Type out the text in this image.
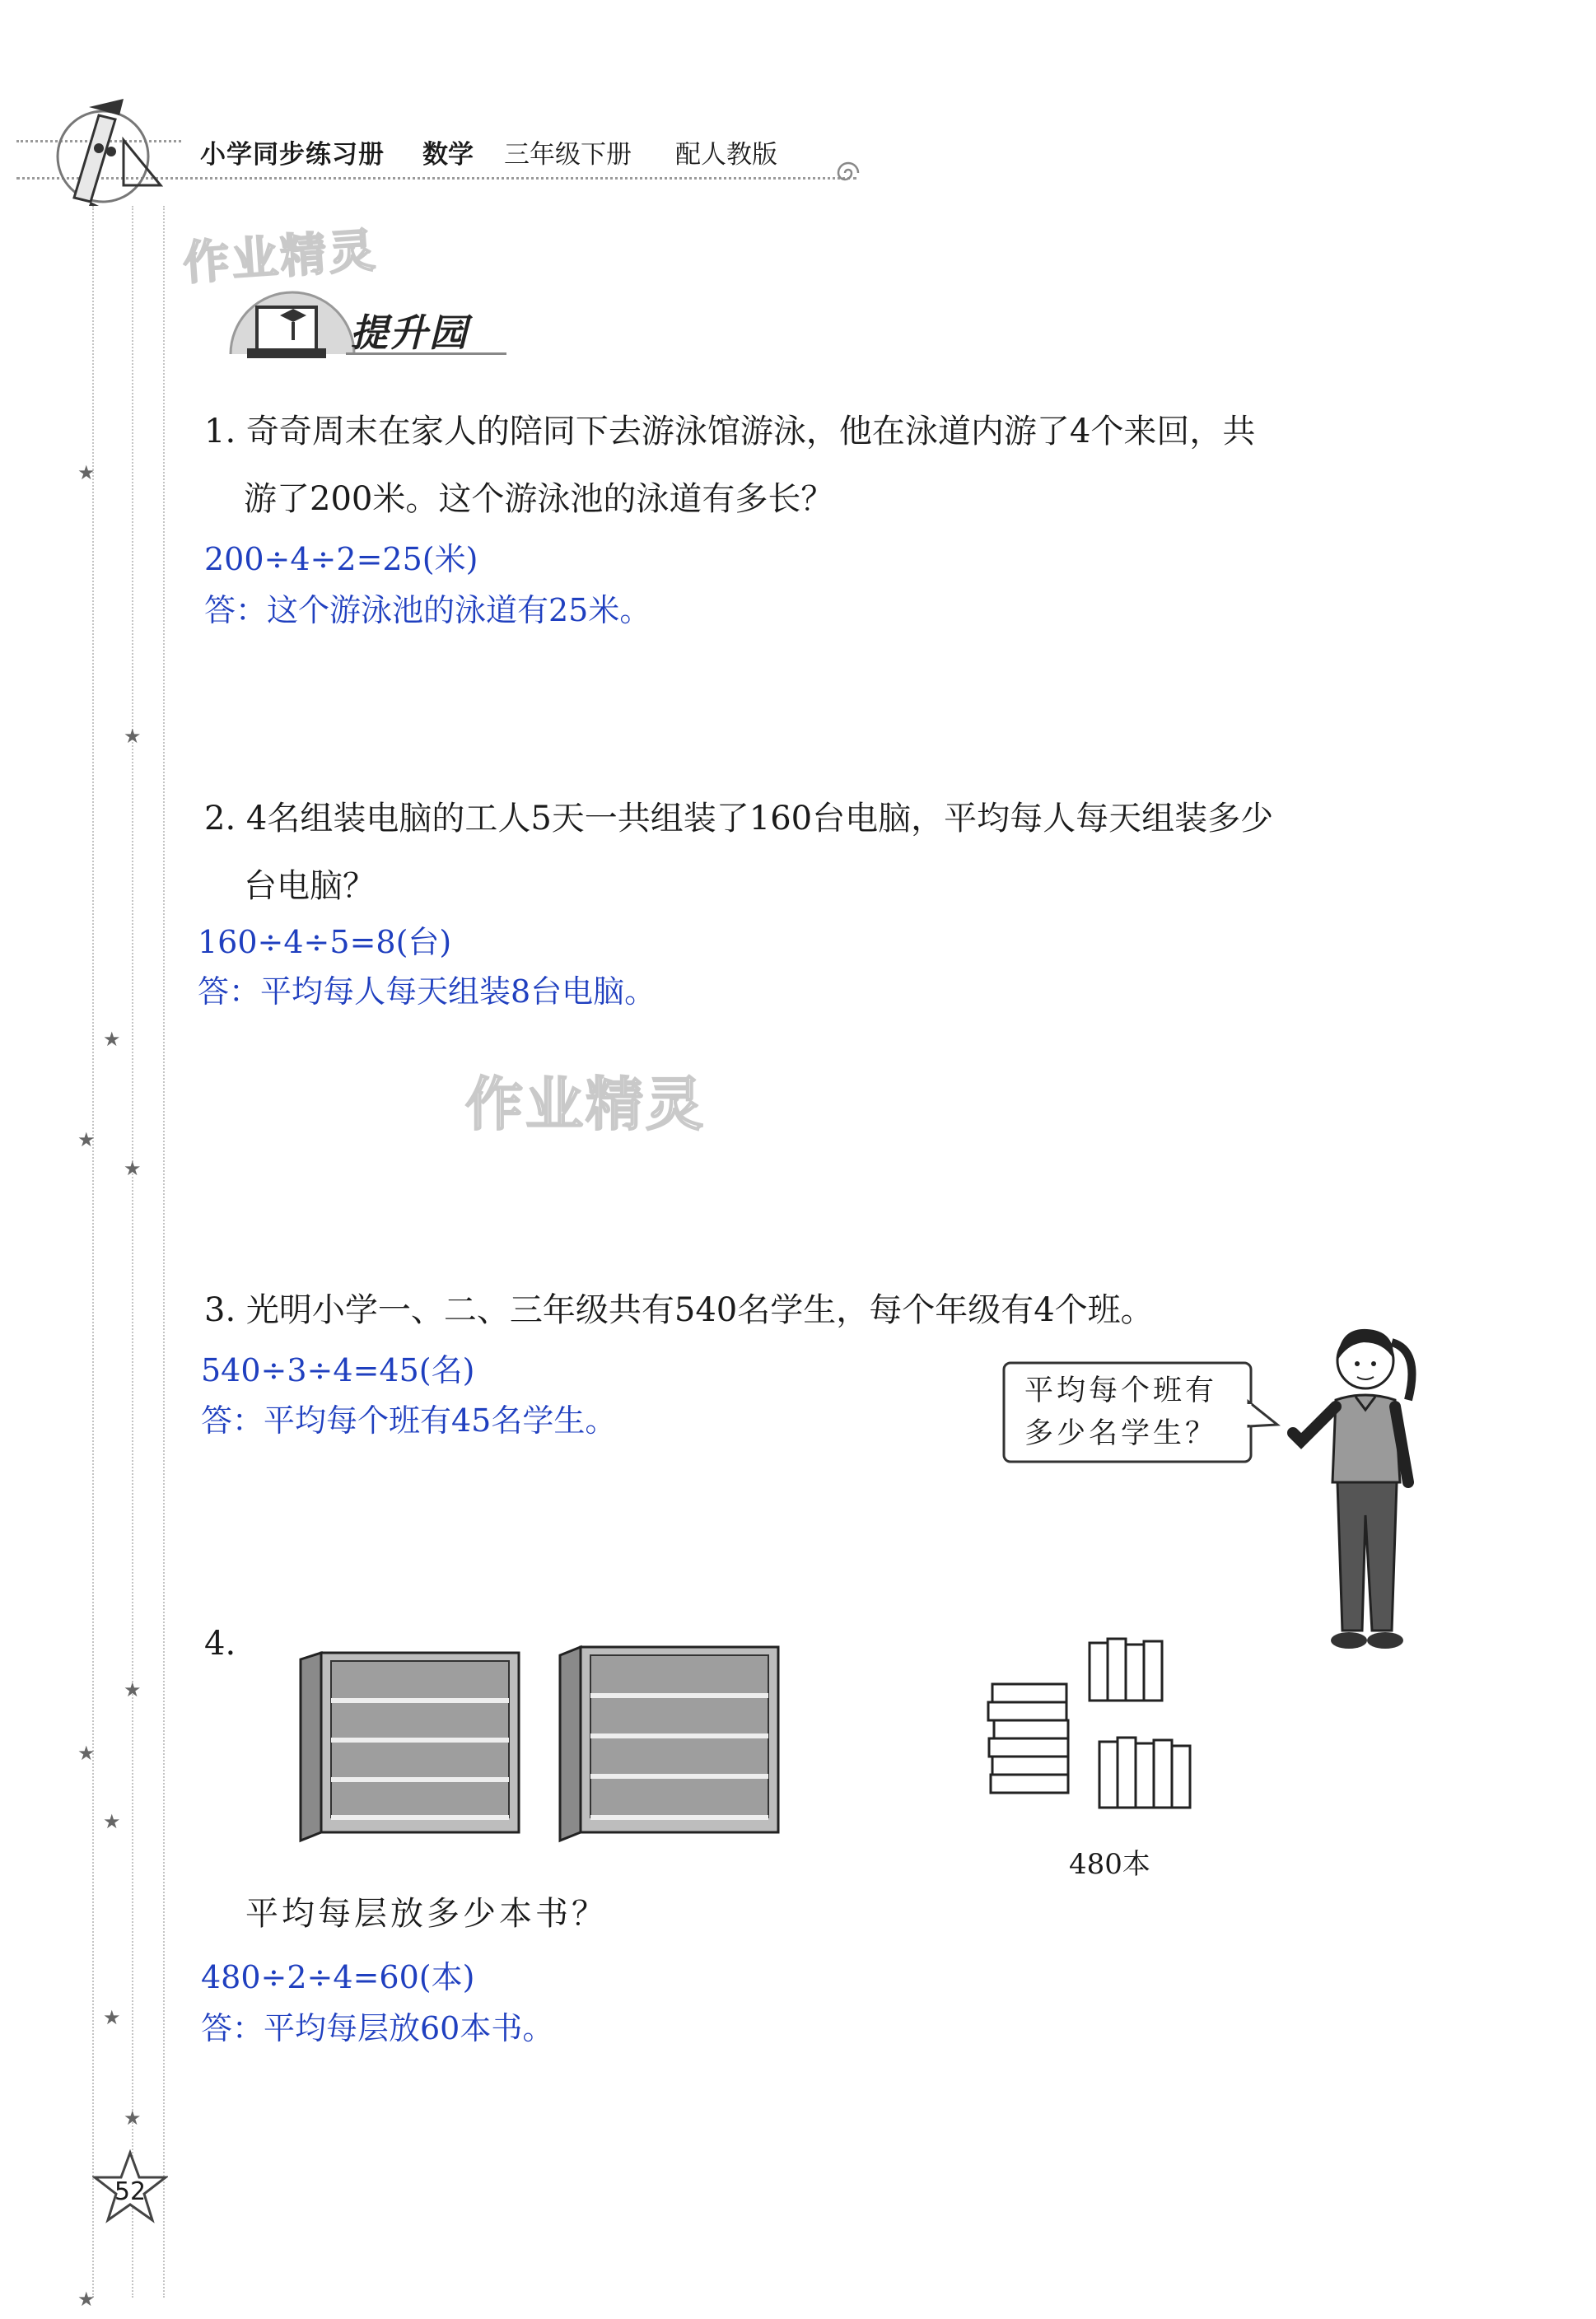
小学同步练习册 数学 三年级下册 配人教版
★
★
★
★
★
★
★
★
★
★
★
作业精灵
提升园
1. 奇奇周末在家人的陪同下去游泳馆游泳，他在泳道内游了4个来回，共
游了200米。这个游泳池的泳道有多长？
200÷4÷2=25(米)
答：这个游泳池的泳道有25米。
2. 4名组装电脑的工人5天一共组装了160台电脑，平均每人每天组装多少
台电脑？
160÷4÷5=8(台)
答：平均每人每天组装8台电脑。
作业精灵
3. 光明小学一、二、三年级共有540名学生，每个年级有4个班。
540÷3÷4=45(名)
答：平均每个班有45名学生。
平均每个班有
多少名学生？
4.
480本
平均每层放多少本书？
480÷2÷4=60(本)
答：平均每层放60本书。
52
